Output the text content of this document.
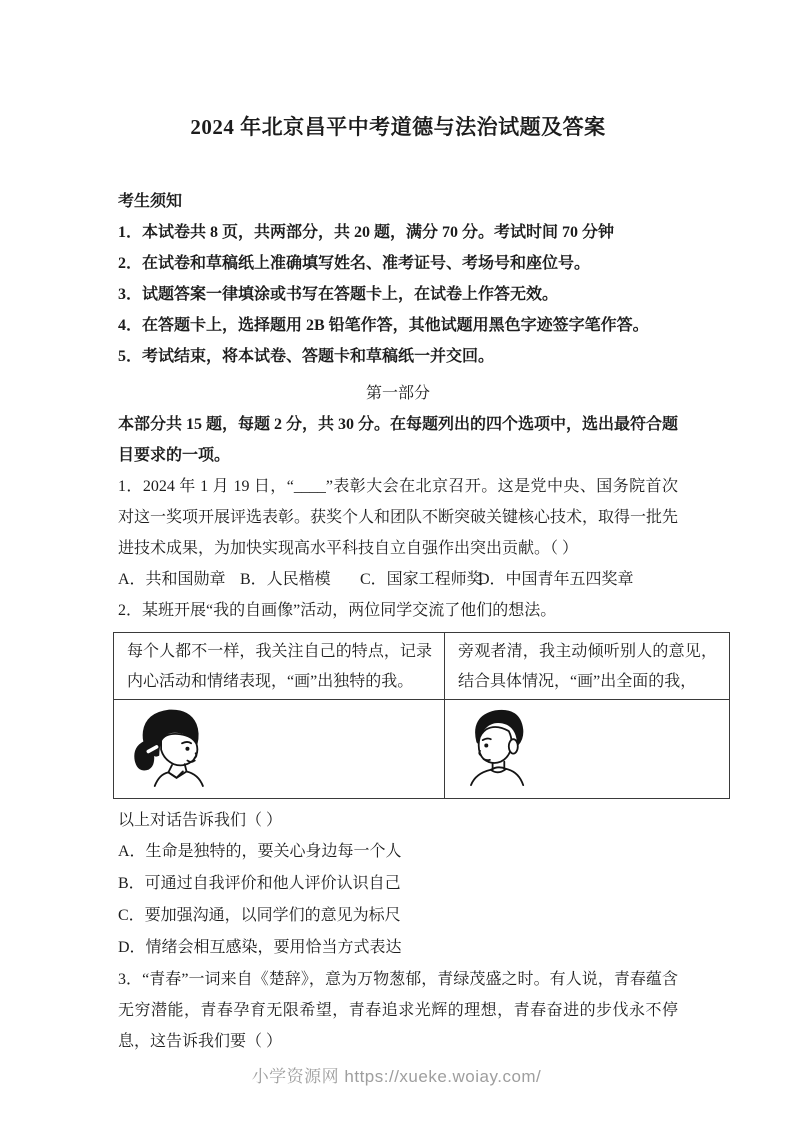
2024 年北京昌平中考道德与法治试题及答案

考生须知

1．本试卷共 8 页，共两部分，共 20 题，满分 70 分。考试时间 70 分钟

2．在试卷和草稿纸上准确填写姓名、准考证号、考场号和座位号。

3．试题答案一律填涂或书写在答题卡上，在试卷上作答无效。

4．在答题卡上，选择题用 2B 铅笔作答，其他试题用黑色字迹签字笔作答。

5．考试结束，将本试卷、答题卡和草稿纸一并交回。

第一部分

本部分共 15 题，每题 2 分，共 30 分。在每题列出的四个选项中，选出最符合题目要求的一项。

1．2024 年 1 月 19 日，“____”表彰大会在北京召开。这是党中央、国务院首次对这一奖项开展评选表彰。获奖个人和团队不断突破关键核心技术，取得一批先进技术成果，为加快实现高水平科技自立自强作出突出贡献。（ ）

A．共和国勋章 B．人民楷模 C．国家工程师奖D．中国青年五四奖章

2．某班开展“我的自画像”活动，两位同学交流了他们的想法。

每个人都不一样，我关注自己的特点，记录内心活动和情绪表现，“画”出独特的我。	旁观者清，我主动倾听别人的意见，结合具体情况，“画”出全面的我，

以上对话告诉我们（ ）

A．生命是独特的，要关心身边每一个人

B．可通过自我评价和他人评价认识自己

C．要加强沟通，以同学们的意见为标尺

D．情绪会相互感染，要用恰当方式表达

3．“青春”一词来自《楚辞》，意为万物葱郁，青绿茂盛之时。有人说，青春蕴含无穷潜能，青春孕育无限希望，青春追求光辉的理想，青春奋进的步伐永不停息，这告诉我们要（ ）

小学资源网 https://xueke.woiay.com/
